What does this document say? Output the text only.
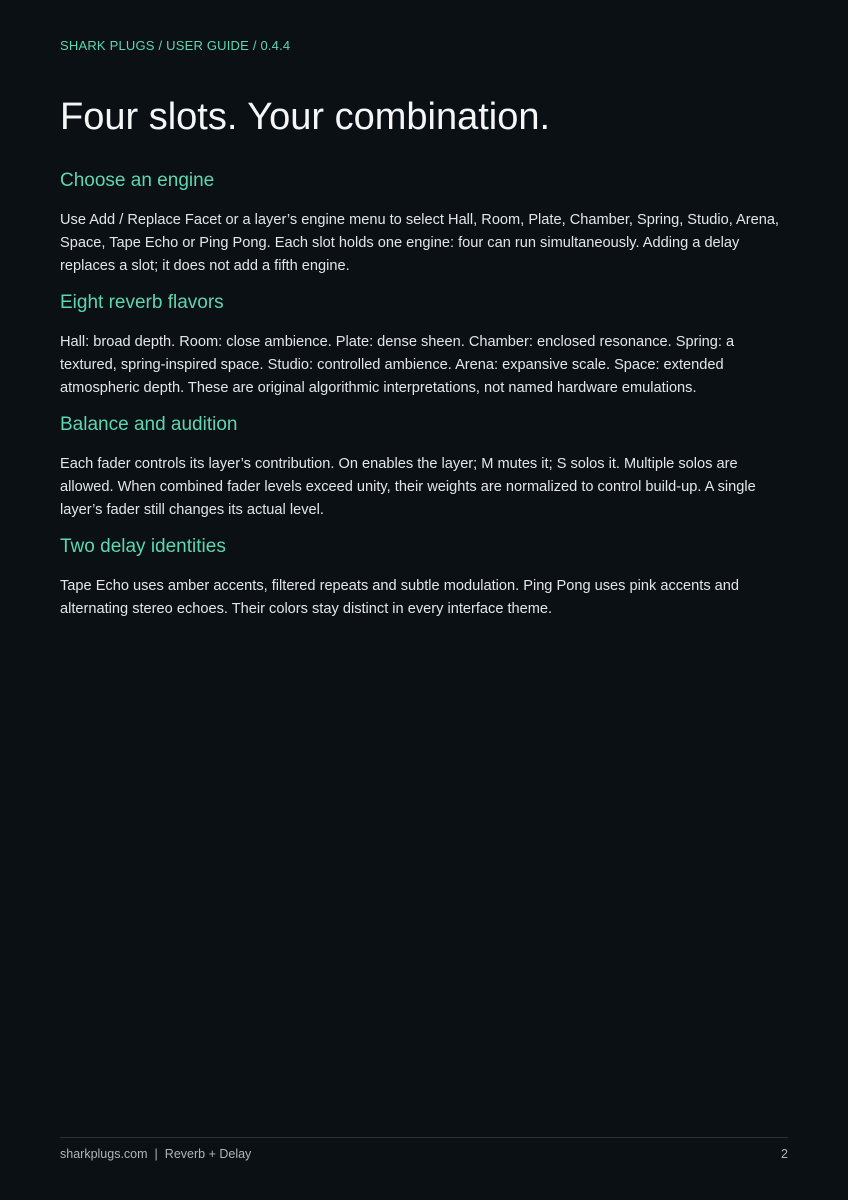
SHARK PLUGS / USER GUIDE / 0.4.4
Four slots. Your combination.
Choose an engine

Use Add / Replace Facet or a layer’s engine menu to select Hall, Room, Plate, Chamber, Spring, Studio, Arena, Space, Tape Echo or Ping Pong. Each slot holds one engine: four can run simultaneously. Adding a delay replaces a slot; it does not add a fifth engine.

Eight reverb flavors

Hall: broad depth. Room: close ambience. Plate: dense sheen. Chamber: enclosed resonance. Spring: a textured, spring-inspired space. Studio: controlled ambience. Arena: expansive scale. Space: extended atmospheric depth. These are original algorithmic interpretations, not named hardware emulations.

Balance and audition

Each fader controls its layer’s contribution. On enables the layer; M mutes it; S solos it. Multiple solos are allowed. When combined fader levels exceed unity, their weights are normalized to control build-up. A single layer’s fader still changes its actual level.

Two delay identities

Tape Echo uses amber accents, filtered repeats and subtle modulation. Ping Pong uses pink accents and alternating stereo echoes. Their colors stay distinct in every interface theme.

sharkplugs.com | Reverb + Delay	2
